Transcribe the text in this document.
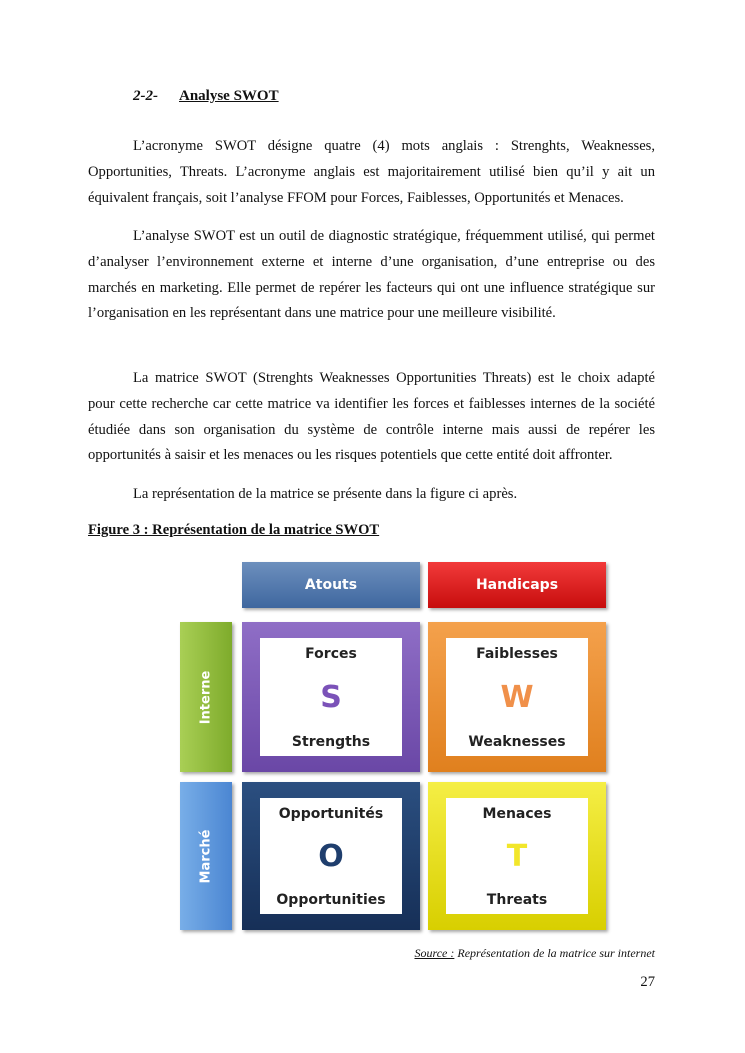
2-2- Analyse SWOT

L’acronyme SWOT désigne quatre (4) mots anglais : Strenghts, Weaknesses, Opportunities, Threats. L’acronyme anglais est majoritairement utilisé bien qu’il y ait un équivalent français, soit l’analyse FFOM pour Forces, Faiblesses, Opportunités et Menaces.

L’analyse SWOT est un outil de diagnostic stratégique, fréquemment utilisé, qui permet d’analyser l’environnement externe et interne d’une organisation, d’une entreprise ou des marchés en marketing. Elle permet de repérer les facteurs qui ont une influence stratégique sur l’organisation en les représentant dans une matrice pour une meilleure visibilité.

La matrice SWOT (Strenghts Weaknesses Opportunities Threats) est le choix adapté pour cette recherche car cette matrice va identifier les forces et faiblesses internes de la société étudiée dans son organisation du système de contrôle interne mais aussi de repérer les opportunités à saisir et les menaces ou les risques potentiels que cette entité doit affronter.

La représentation de la matrice se présente dans la figure ci après.

Figure 3 : Représentation de la matrice SWOT
Atouts	Handicaps
Interne
Marché
Forces
S
Strengths
Faiblesses
W
Weaknesses
Opportunités
O
Opportunities
Menaces
T
Threats
Source : Représentation de la matrice sur internet
27
